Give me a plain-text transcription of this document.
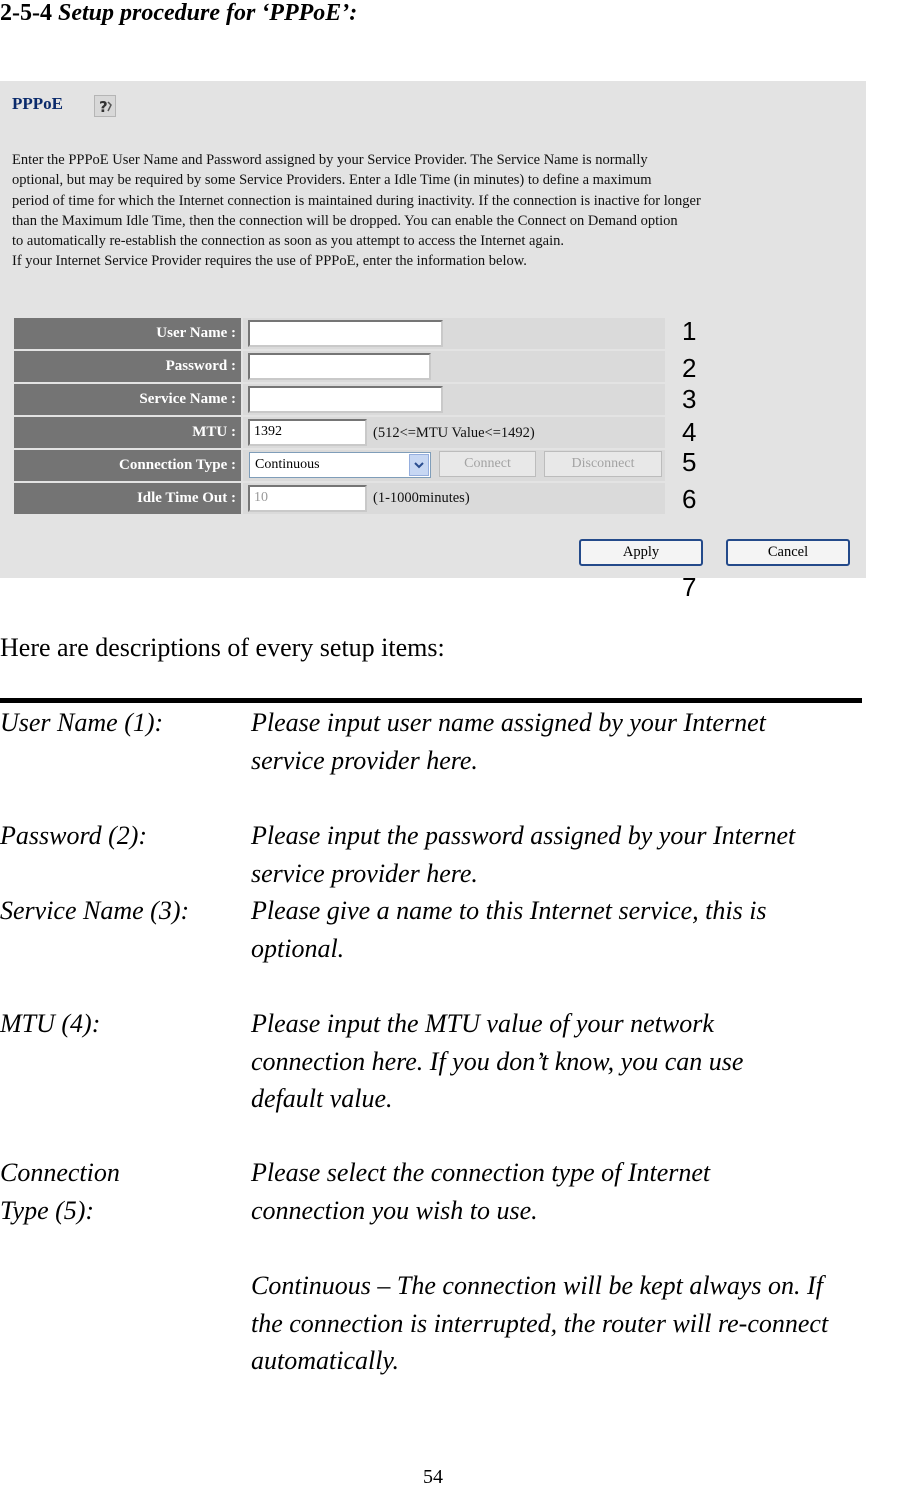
2-5-4 Setup procedure for ‘PPPoE’:
PPPoE ?

Enter the PPPoE User Name and Password assigned by your Service Provider. The Service Name is normally

optional, but may be required by some Service Providers. Enter a Idle Time (in minutes) to define a maximum

period of time for which the Internet connection is maintained during inactivity. If the connection is inactive for longer

than the Maximum Idle Time, then the connection will be dropped. You can enable the Connect on Demand option

to automatically re-establish the connection as soon as you attempt to access the Internet again.

If your Internet Service Provider requires the use of PPPoE, enter the information below.

User Name :
Password :
Service Name :
MTU :	1392	(512<=MTU Value<=1492)
Connection Type :	Continuous	Connect	Disconnect
Idle Time Out :	10	(1-1000minutes)
Apply	Cancel
1
2
3
4
5
6
7
Here are descriptions of every setup items:
User Name (1):	Please input user name assigned by your Internet
service provider here.
Password (2):	Please input the password assigned by your Internet
service provider here.
Service Name (3): Please give a name to this Internet service, this is
optional.
MTU (4):	Please input the MTU value of your network
connection here. If you don’t know, you can use
default value.
Connection
Type (5):
Please select the connection type of Internet
connection you wish to use.
Continuous – The connection will be kept always on. If
the connection is interrupted, the router will re-connect
automatically.
54
